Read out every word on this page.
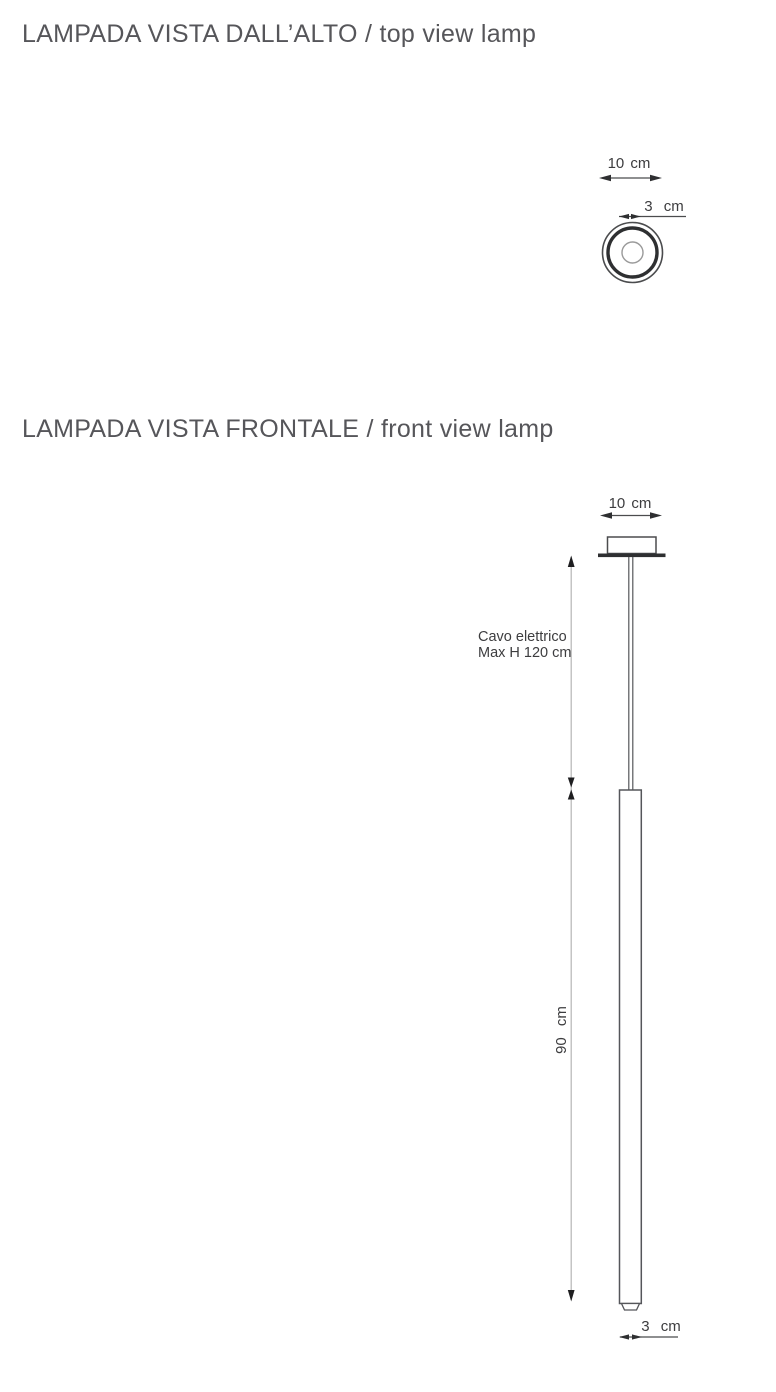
LAMPADA VISTA DALL’ALTO / top view lamp
10 cm
3 cm
LAMPADA VISTA FRONTALE / front view lamp
10 cm
Cavo elettrico
Max H 120 cm
90 cm
3 cm
